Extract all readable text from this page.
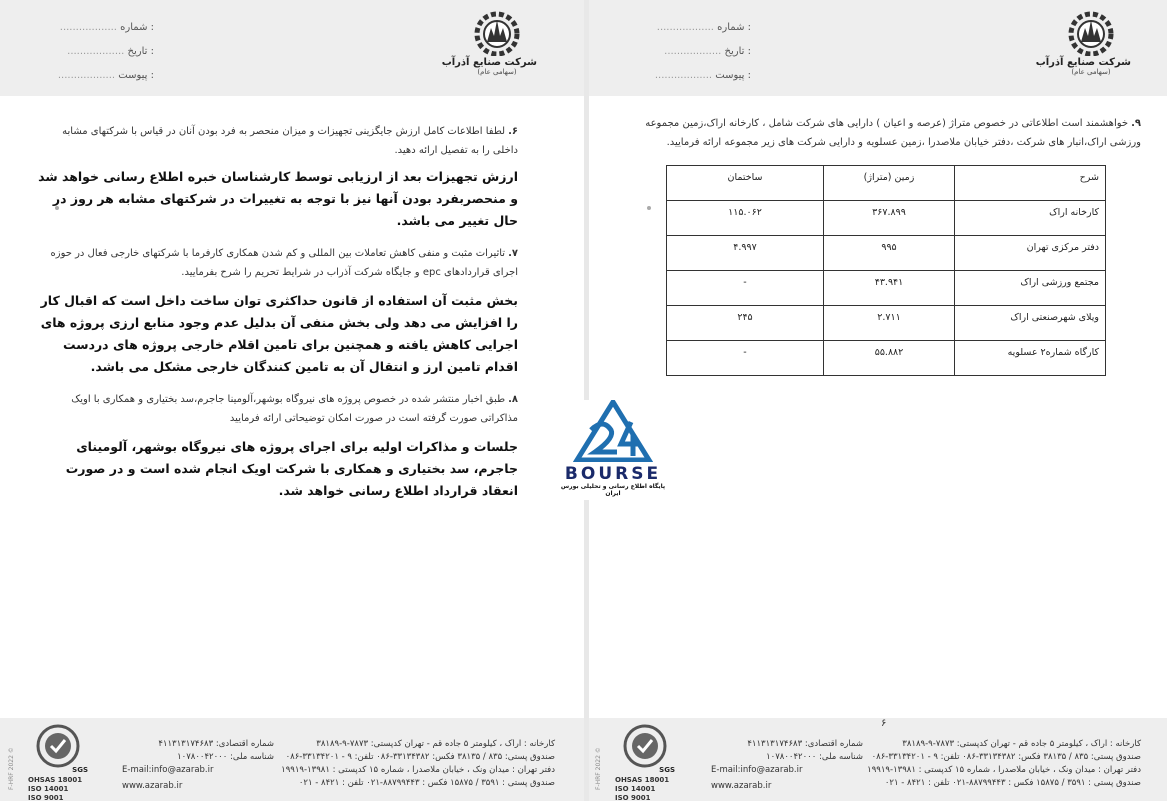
: شماره ..................
: تاریخ ..................
: پیوست ..................
شرکت صنایع آذرآب
(سهامی عام)
۶.لطفا اطلاعات کامل ارزش جایگزینی تجهیزات و میزان منحصر به فرد بودن آنان در قیاس با شرکتهای مشابه داخلی را به تفصیل ارائه دهید.
ارزش تجهیزات بعد از ارزیابی توسط کارشناسان خبره اطلاع رسانی خواهد شد و منحصربفرد بودن آنها نیز با توجه به تغییرات در شرکتهای مشابه هر روز در حال تغییر می باشد.
۷.تاثیرات مثبت و منفی کاهش تعاملات بین المللی و کم شدن همکاری کارفرما با شرکتهای خارجی فعال در حوزه اجرای قراردادهای epc و جایگاه شرکت آذراب در شرایط تحریم را شرح بفرمایید.
بخش مثبت آن استفاده از قانون حداکثری توان ساخت داخل است که اقبال کار را افزایش می دهد ولی بخش منفی آن بدلیل عدم وجود منابع ارزی پروژه های اجرایی کاهش یافته و همچنین برای تامین اقلام خارجی پروژه های دردست اقدام تامین ارز و انتقال آن به تامین کنندگان خارجی مشکل می باشد.
۸.طبق اخبار منتشر شده در خصوص پروژه های نیروگاه بوشهر،آلومینا جاجرم،سد بختیاری و همکاری با اویک مذاکراتی صورت گرفته است در صورت امکان توضیحاتی ارائه فرمایید
جلسات و مذاکرات اولیه برای اجرای پروژه های نیروگاه بوشهر، آلومینای جاجرم، سد بختیاری و همکاری با شرکت اویک انجام شده است و در صورت انعقاد قرارداد اطلاع رسانی خواهد شد.
SGS
OHSAS 18001
ISO 14001
ISO 9001
شماره اقتصادی: ۴۱۱۳۱۳۱۷۴۶۸۳
شناسه ملی: ۱۰۷۸۰۰۴۲۰۰۰
E-mail:info@azarab.ir
www.azarab.ir
کارخانه : اراک ، کیلومتر ۵ جاده قم - تهران کدپستی: ۷۸۷۳-۹-۳۸۱۸۹
صندوق پستی: ۸۳۵ / ۳۸۱۳۵ فکس: ۳۳۱۳۴۳۸۲-۰۸۶ تلفن: ۹ - ۳۳۱۳۴۲۰۱-۰۸۶
دفتر تهران : میدان ونک ، خیابان ملاصدرا ، شماره ۱۵ کدپستی : ۱۳۹۸۱-۱۹۹۱۹
صندوق پستی : ۳۵۹۱ / ۱۵۸۷۵ فکس : ۸۸۷۹۹۴۴۳-۰۲۱ تلفن : ۸۴۲۱ - ۰۲۱
F-HRF 2022 ©
: شماره ..................
: تاریخ ..................
: پیوست ..................
شرکت صنایع آذرآب
(سهامی عام)
۹.خواهشمند است اطلاعاتی در خصوص متراژ (عرصه و اعیان ) دارایی های شرکت شامل ، کارخانه اراک،زمین مجموعه ورزشی اراک،انبار های شرکت ،دفتر خیابان ملاصدرا ،زمین عسلویه و دارایی شرکت های زیر مجموعه ارائه فرمایید.
شرح	زمین (متراژ)	ساختمان
کارخانه اراک	۳۶۷.۸۹۹	۱۱۵.۰۶۲
دفتر مرکزی تهران	۹۹۵	۴.۹۹۷
مجتمع ورزشی اراک	۴۳.۹۴۱	-
ویلای شهرصنعتی اراک	۲.۷۱۱	۲۴۵
کارگاه شماره۲ عسلویه	۵۵.۸۸۲	-
۶
SGS
OHSAS 18001
ISO 14001
ISO 9001
شماره اقتصادی: ۴۱۱۳۱۳۱۷۴۶۸۳
شناسه ملی: ۱۰۷۸۰۰۴۲۰۰۰
E-mail:info@azarab.ir
www.azarab.ir
کارخانه : اراک ، کیلومتر ۵ جاده قم - تهران کدپستی: ۷۸۷۳-۹-۳۸۱۸۹
صندوق پستی: ۸۳۵ / ۳۸۱۳۵ فکس: ۳۳۱۳۴۳۸۲-۰۸۶ تلفن: ۹ - ۳۳۱۳۴۲۰۱-۰۸۶
دفتر تهران : میدان ونک ، خیابان ملاصدرا ، شماره ۱۵ کدپستی : ۱۳۹۸۱-۱۹۹۱۹
صندوق پستی : ۳۵۹۱ / ۱۵۸۷۵ فکس : ۸۸۷۹۹۴۴۳-۰۲۱ تلفن : ۸۴۲۱ - ۰۲۱
F-HRF 2022 ©
BOURSE
پایگاه اطلاع رسانی و تحلیلی بورس ایران
